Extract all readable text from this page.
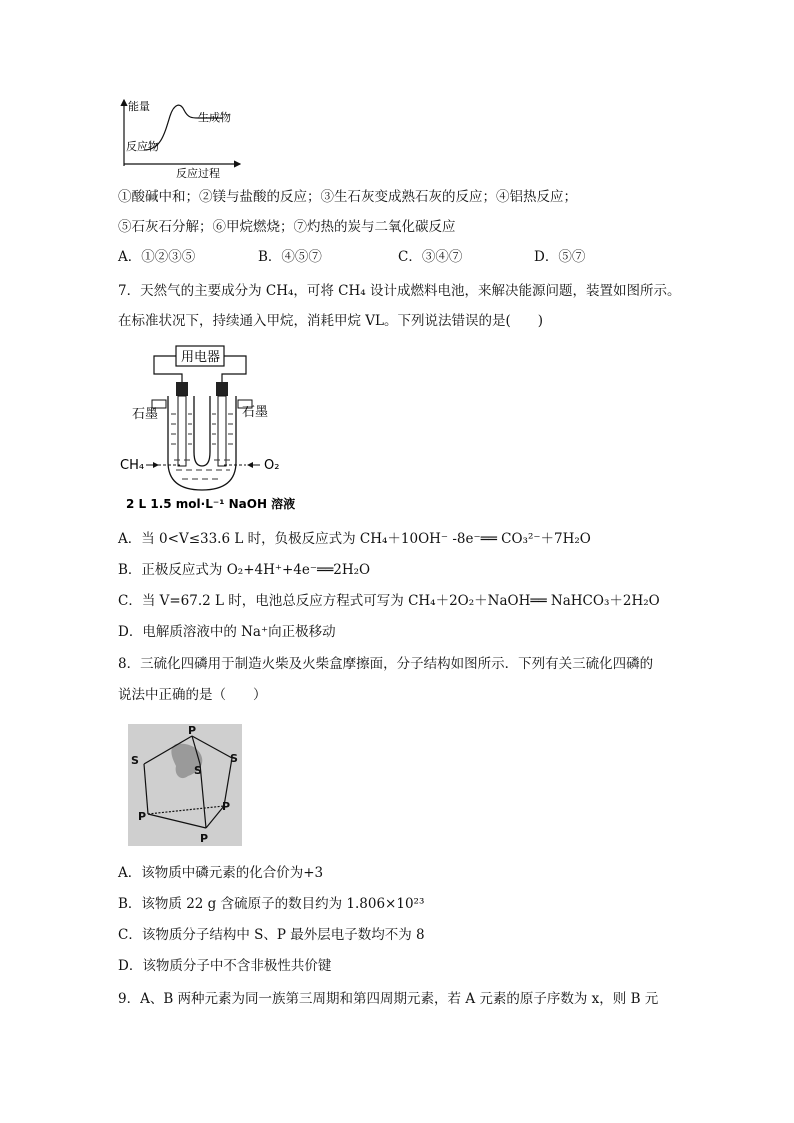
能量
生成物
反应物
反应过程
①酸碱中和；②镁与盐酸的反应；③生石灰变成熟石灰的反应；④铝热反应；
⑤石灰石分解；⑥甲烷燃烧；⑦灼热的炭与二氧化碳反应
A．①②③⑤	B．④⑤⑦	C．③④⑦	D．⑤⑦
7．天然气的主要成分为 CH₄，可将 CH₄ 设计成燃料电池，来解决能源问题，装置如图所示。
在标准状况下，持续通入甲烷，消耗甲烷 VL。下列说法错误的是(　　)
用电器
石墨	石墨
CH₄	O₂
2 L 1.5 mol·L⁻¹ NaOH 溶液
A．当 0<V≤33.6 L 时，负极反应式为 CH₄＋10OH⁻ -8e⁻══ CO₃²⁻＋7H₂O
B．正极反应式为 O₂+4H⁺+4e⁻══2H₂O
C．当 V=67.2 L 时，电池总反应方程式可写为 CH₄＋2O₂＋NaOH══ NaHCO₃＋2H₂O
D．电解质溶液中的 Na⁺向正极移动
8．三硫化四磷用于制造火柴及火柴盒摩擦面，分子结构如图所示．下列有关三硫化四磷的
说法中正确的是（　　）
P
S	S
S
P
P
P
A．该物质中磷元素的化合价为+3
B．该物质 22 g 含硫原子的数目约为 1.806×10²³
C．该物质分子结构中 S、P 最外层电子数均不为 8
D．该物质分子中不含非极性共价键
9．A、B 两种元素为同一族第三周期和第四周期元素，若 A 元素的原子序数为 x，则 B 元
